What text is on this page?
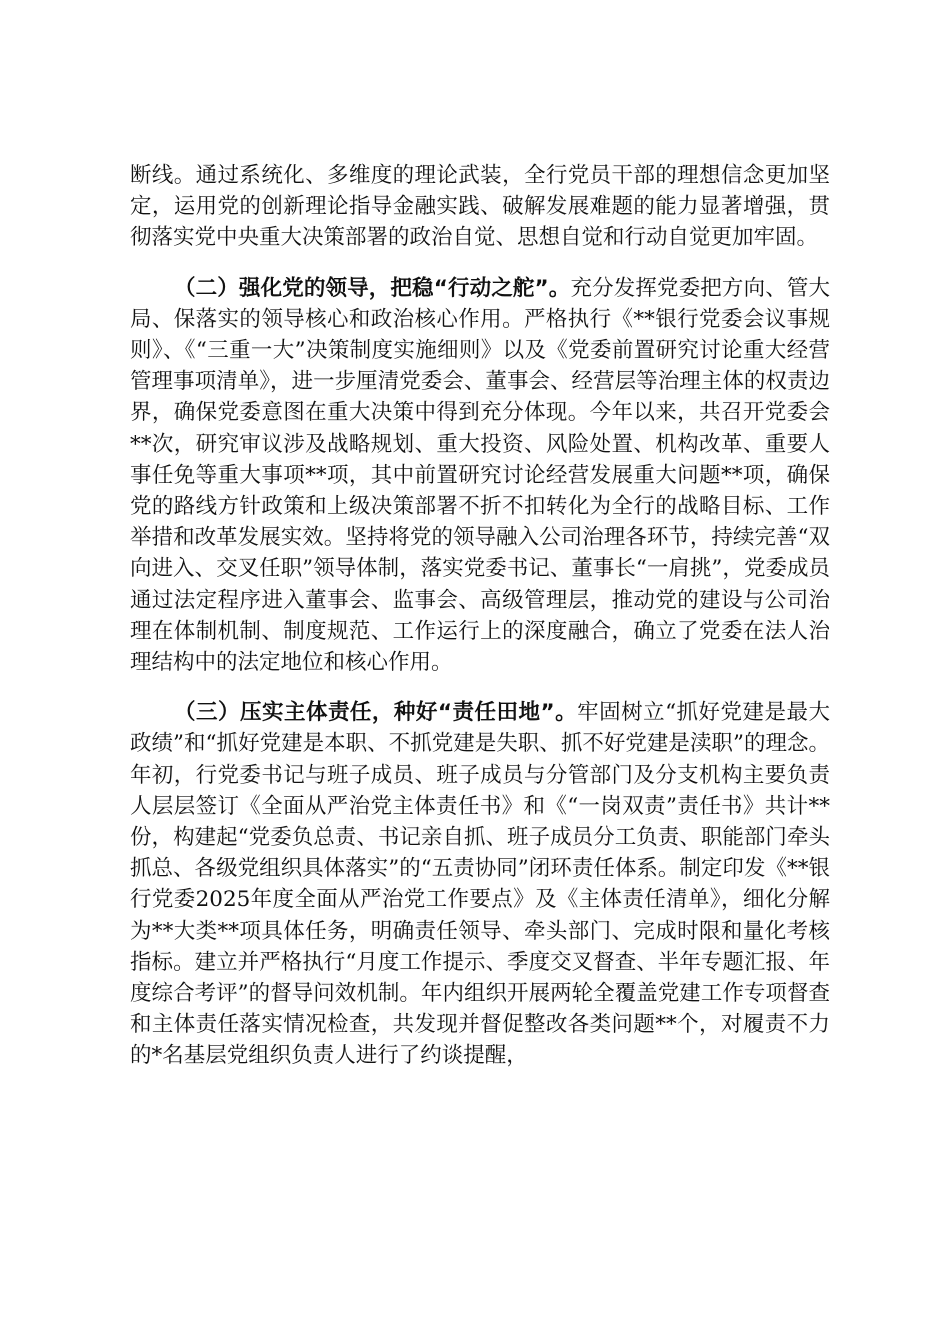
断线。通过系统化、多维度的理论武装，全行党员干部的理想信念更加坚定，运用党的创新理论指导金融实践、破解发展难题的能力显著增强，贯彻落实党中央重大决策部署的政治自觉、思想自觉和行动自觉更加牢固。

（二）强化党的领导，把稳“行动之舵”。充分发挥党委把方向、管大局、保落实的领导核心和政治核心作用。严格执行《**银行党委会议事规则》、《“三重一大”决策制度实施细则》以及《党委前置研究讨论重大经营管理事项清单》，进一步厘清党委会、董事会、经营层等治理主体的权责边界，确保党委意图在重大决策中得到充分体现。今年以来，共召开党委会**次，研究审议涉及战略规划、重大投资、风险处置、机构改革、重要人事任免等重大事项**项，其中前置研究讨论经营发展重大问题**项，确保党的路线方针政策和上级决策部署不折不扣转化为全行的战略目标、工作举措和改革发展实效。坚持将党的领导融入公司治理各环节，持续完善“双向进入、交叉任职”领导体制，落实党委书记、董事长“一肩挑”，党委成员通过法定程序进入董事会、监事会、高级管理层，推动党的建设与公司治理在体制机制、制度规范、工作运行上的深度融合，确立了党委在法人治理结构中的法定地位和核心作用。

（三）压实主体责任，种好“责任田地”。牢固树立“抓好党建是最大政绩”和“抓好党建是本职、不抓党建是失职、抓不好党建是渎职”的理念。年初，行党委书记与班子成员、班子成员与分管部门及分支机构主要负责人层层签订《全面从严治党主体责任书》和《“一岗双责”责任书》共计**份，构建起“党委负总责、书记亲自抓、班子成员分工负责、职能部门牵头抓总、各级党组织具体落实”的“五责协同”闭环责任体系。制定印发《**银行党委2025年度全面从严治党工作要点》及《主体责任清单》，细化分解为**大类**项具体任务，明确责任领导、牵头部门、完成时限和量化考核指标。建立并严格执行“月度工作提示、季度交叉督查、半年专题汇报、年度综合考评”的督导问效机制。年内组织开展两轮全覆盖党建工作专项督查和主体责任落实情况检查，共发现并督促整改各类问题**个，对履责不力的*名基层党组织负责人进行了约谈提醒，
